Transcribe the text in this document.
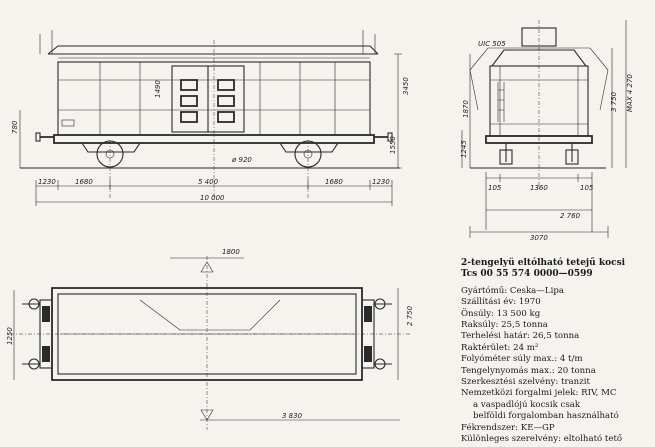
1230	1680	5 400	1680	1230
10 000
ø 920
1490
780
1550
3450
UIC 505
105	1360	105
2 760
3070
1870
1245
3 750 MAX 4 270
1800
1250
2 750
3 830
2-tengelyü eltólható tetejű kocsi
Tcs 00 55 574 0000—0599
Gyártómű: Ceska—Lipa
Szállítási év: 1970
Önsúly: 13 500 kg
Raksúly: 25,5 tonna
Terhelési határ: 26,5 tonna
Raktérület: 24 m²
Folyóméter súly max.: 4 t/m
Tengelynyomás max.: 20 tonna
Szerkesztési szelvény: tranzit
Nemzetközi forgalmi jelek: RIV, MC
a vaspadlójú kocsik csak
belföldi forgalomban használható
Fékrendszer: KE—GP
Különleges szerelvény: eltolható tető
